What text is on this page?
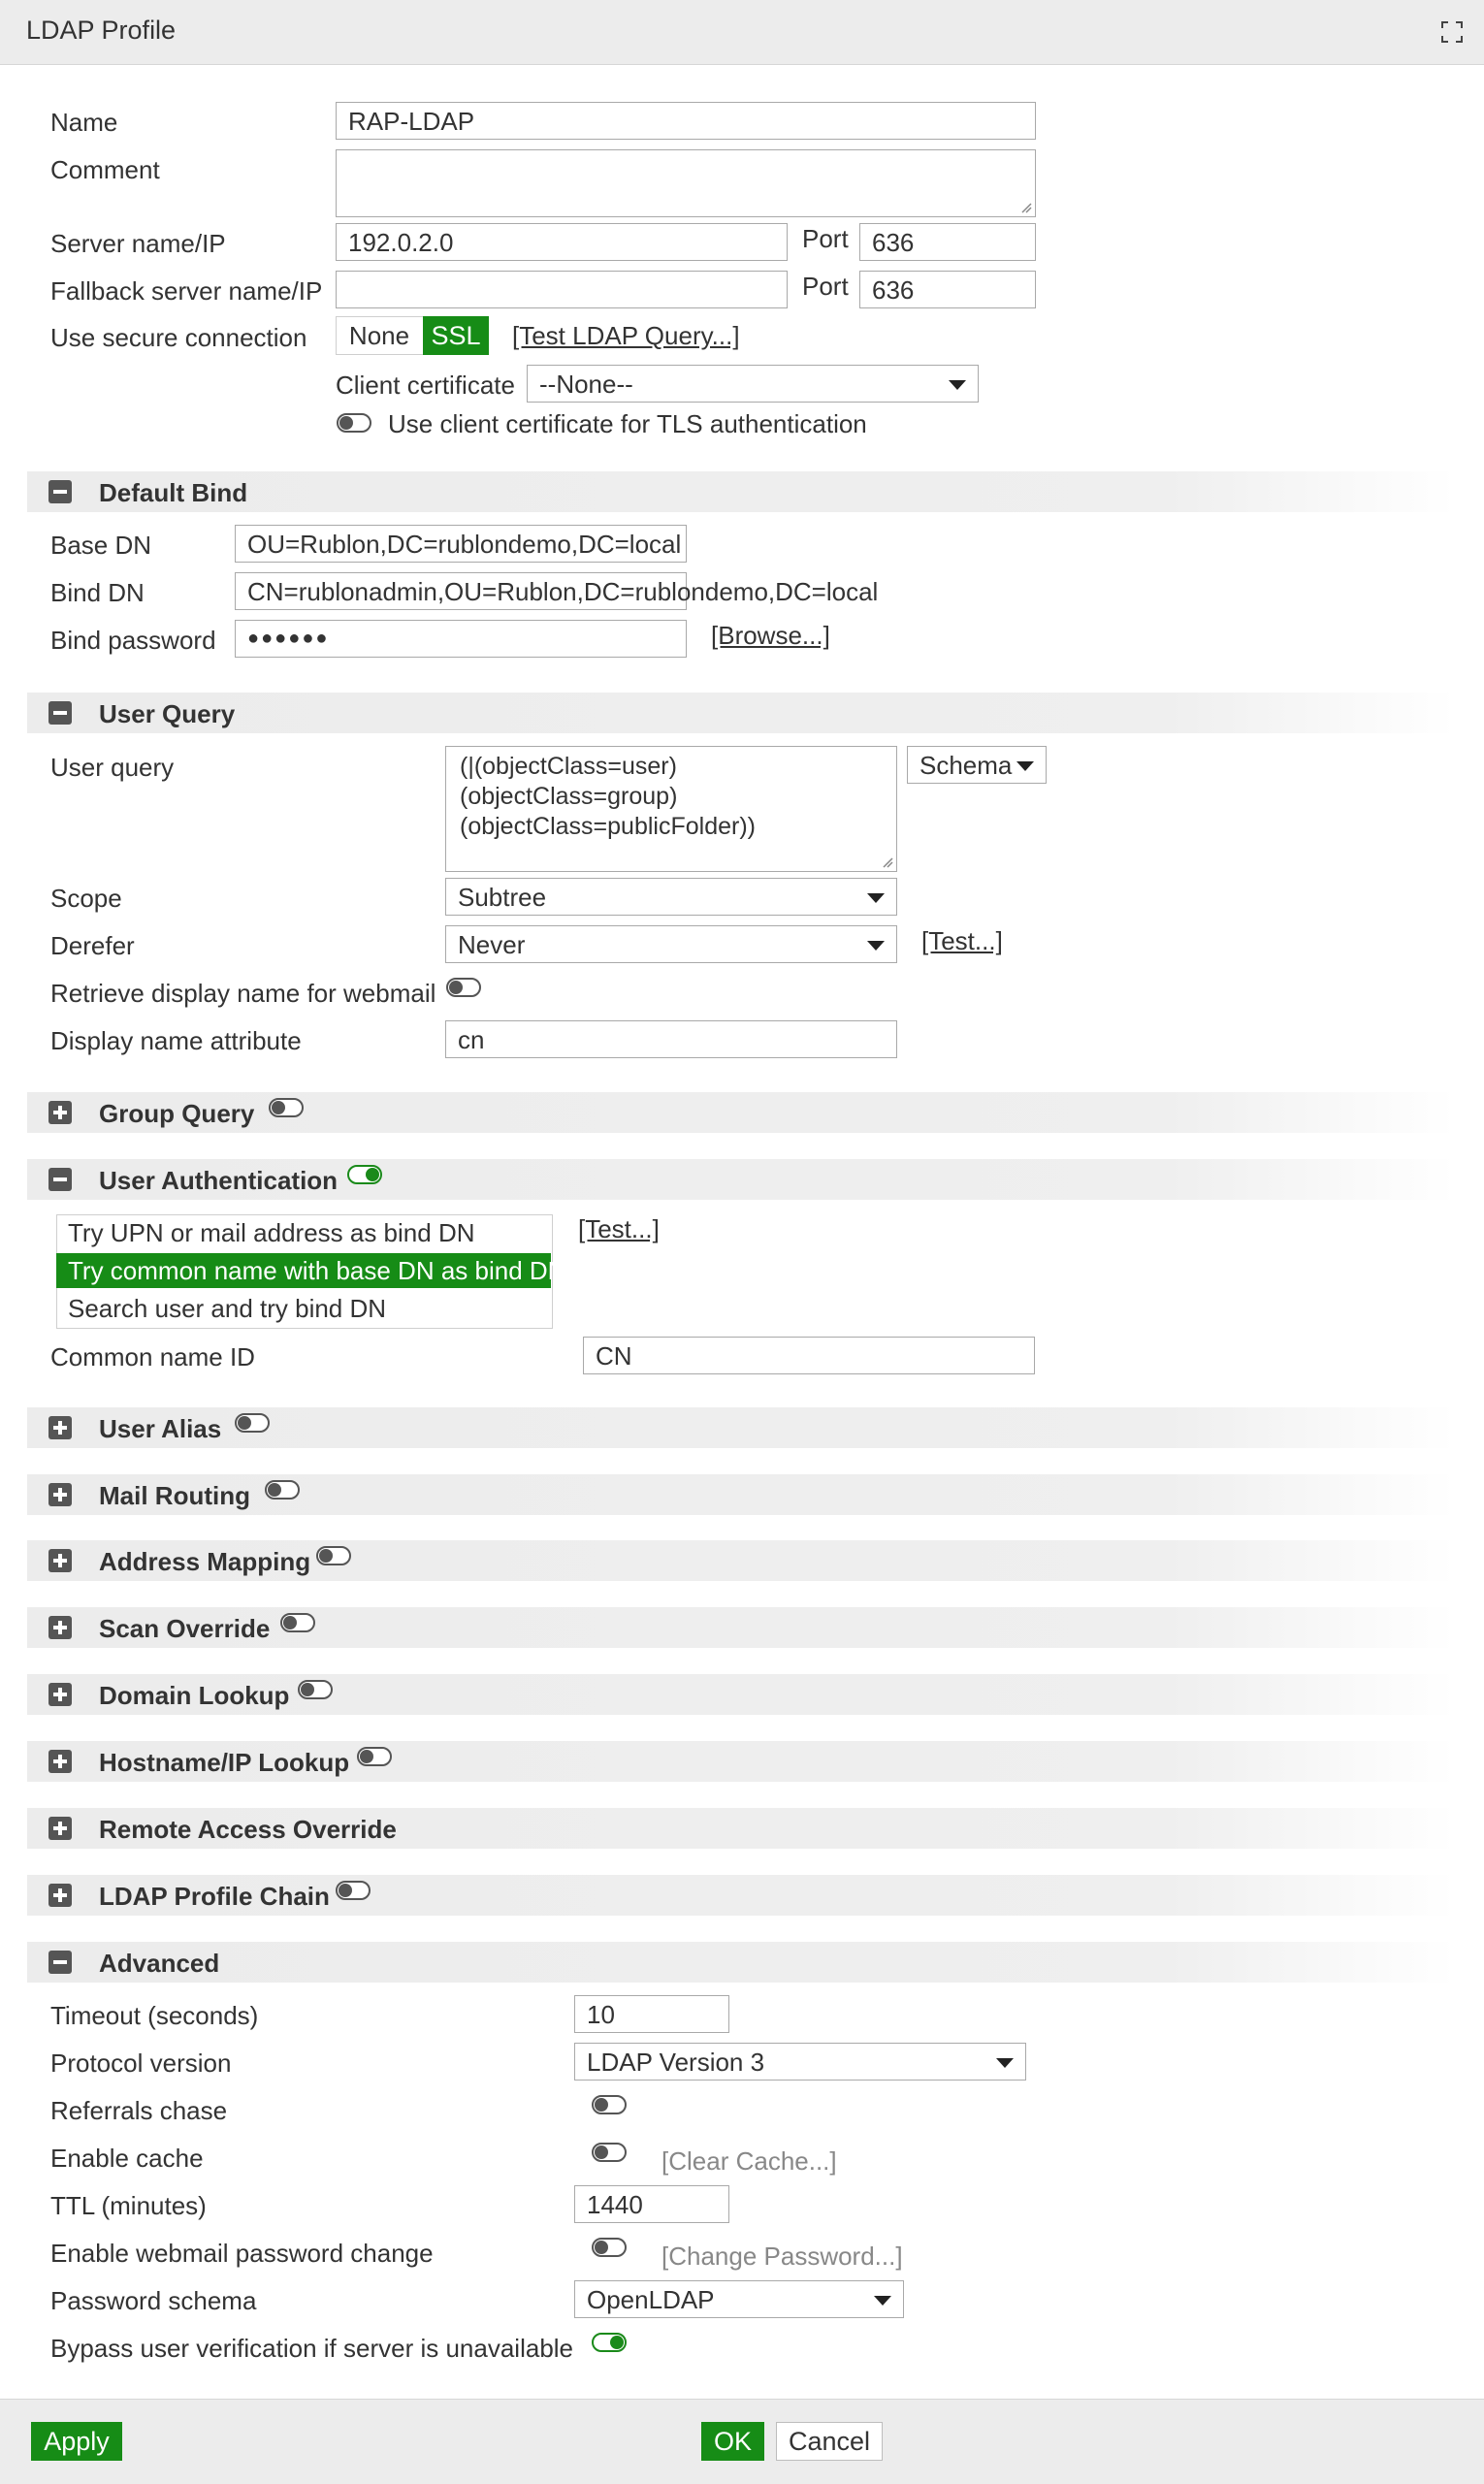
LDAP Profile
Name	RAP-LDAP
Comment
Server name/IP	192.0.2.0	Port 636
Fallback server name/IP	Port 636
Use secure connection	None SSL	[Test LDAP Query...]
Client certificate --None--
Use client certificate for TLS authentication
Default Bind
Base DN	OU=Rublon,DC=rublondemo,DC=local
Bind DN	CN=rublonadmin,OU=Rublon,DC=rublondemo,DC=local
Bind password	●●●●●●	[Browse...]
User Query
User query	(|(objectClass=user)
(objectClass=group)
(objectClass=publicFolder))
Schema
Scope	Subtree
Derefer	Never	[Test...]
Retrieve display name for webmail
Display name attribute	cn
Group Query
User Authentication
Try UPN or mail address as bind DN
Try common name with base DN as bind DN
Search user and try bind DN
[Test...]
Common name ID	CN
User Alias
Mail Routing
Address Mapping
Scan Override
Domain Lookup
Hostname/IP Lookup
Remote Access Override
LDAP Profile Chain
Advanced
Timeout (seconds)	10
Protocol version	LDAP Version 3
Referrals chase
Enable cache	[Clear Cache...]
TTL (minutes)	1440
Enable webmail password change	[Change Password...]
Password schema	OpenLDAP
Bypass user verification if server is unavailable
Apply	OK	Cancel
